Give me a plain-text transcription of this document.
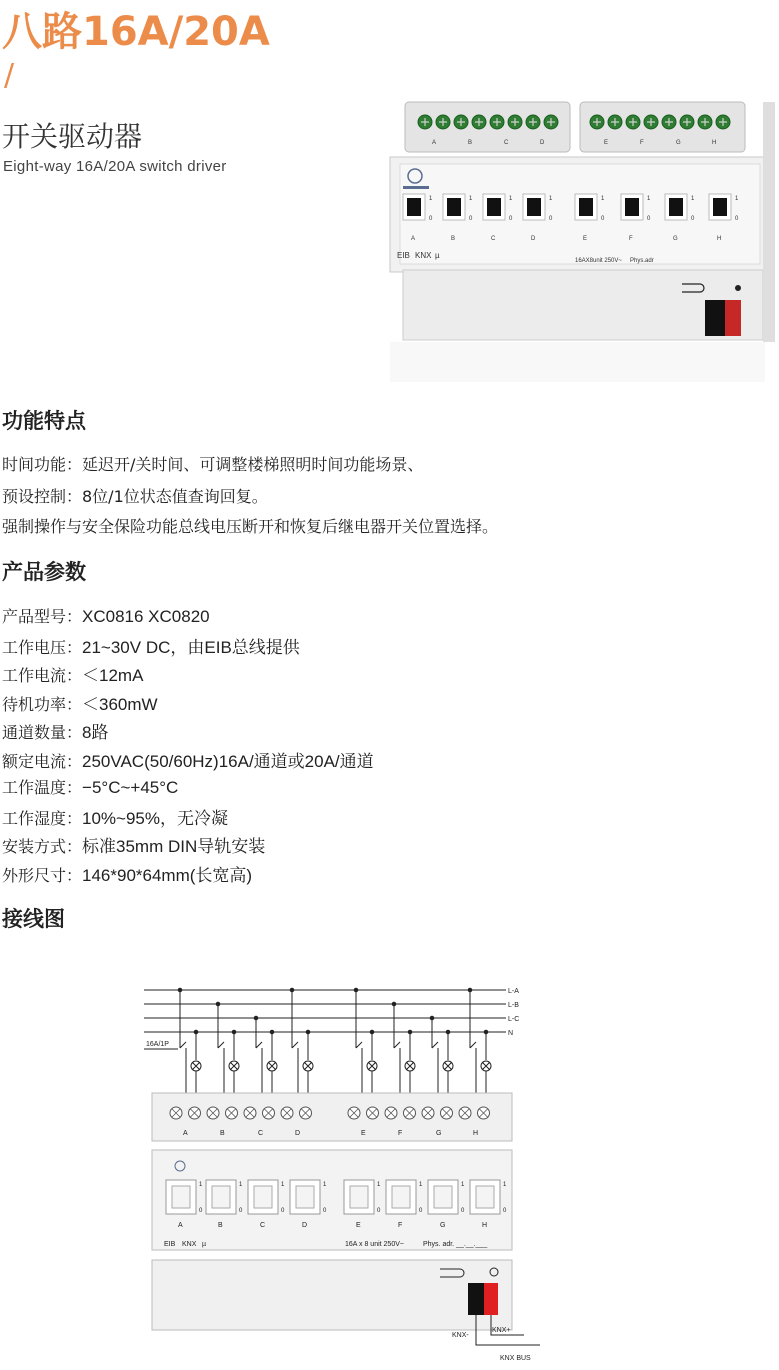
八路16A/20A
/
开关驱动器
Eight-way 16A/20A switch driver
A	B	C	D	E	F	G	H
1
0
A
1
0
B
1
0
C
1
0
D
1
0
E
1
0
F
1
0
G
1
0
H
EIB KNX µ
16AX8unit 250V~ Phys.adr
功能特点
时间功能：延迟开/关时间、可调整楼梯照明时间功能场景、
预设控制：8位/1位状态值查询回复。
强制操作与安全保险功能总线电压断开和恢复后继电器开关位置选择。
产品参数
产品型号：XC0816 XC0820
工作电压：21~30V DC，由EIB总线提供
工作电流：＜12mA
待机功率：＜360mW
通道数量：8路
额定电流：250VAC(50/60Hz)16A/通道或20A/通道
工作温度：−5°C~+45°C
工作湿度：10%~95%，无冷凝
安装方式：标准35mm DIN导轨安装
外形尺寸：146*90*64mm(长宽高)
接线图
L-A
L-B
L-C
N
16A/1P
A	B	C	D	E	F	G	H
1
0
1
0
1
0
1
0
1
0
1
0
1
0
1
0
A	B	C	D	E	F	G	H
EIB KNX µ	16A x 8 unit 250V~	Phys. adr. __.__.___
KNX-
KNX+
KNX BUS
